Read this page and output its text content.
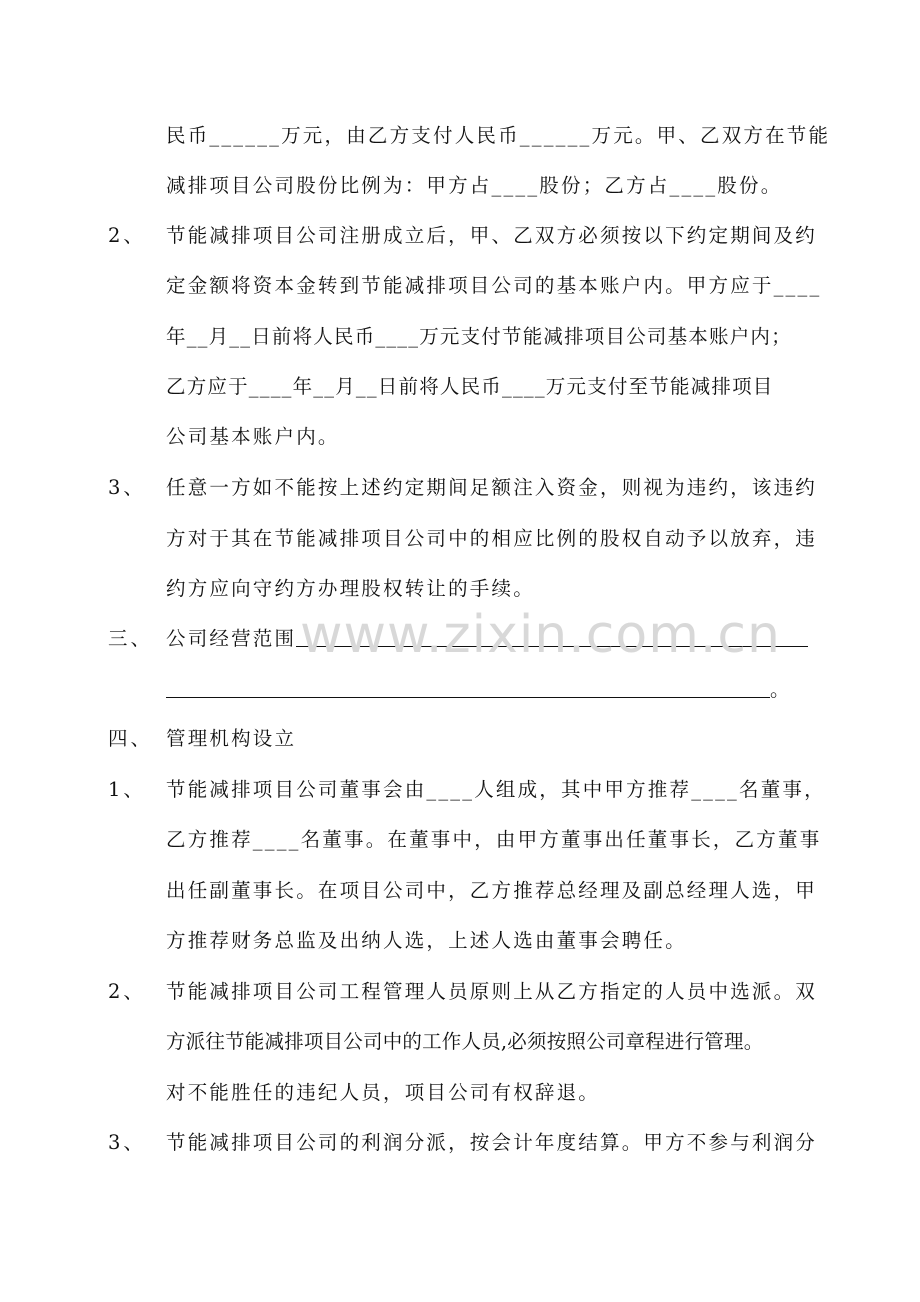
民币______万元，由乙方支付人民币______万元。甲、乙双方在节能
减排项目公司股份比例为：甲方占____股份；乙方占____股份。
2、	节能减排项目公司注册成立后，甲、乙双方必须按以下约定期间及约
定金额将资本金转到节能减排项目公司的基本账户内。甲方应于____
年__月__日前将人民币____万元支付节能减排项目公司基本账户内；
乙方应于____年__月__日前将人民币____万元支付至节能减排项目
公司基本账户内。
3、	任意一方如不能按上述约定期间足额注入资金，则视为违约，该违约
方对于其在节能减排项目公司中的相应比例的股权自动予以放弃，违
约方应向守约方办理股权转让的手续。
三、 公司经营范围
。
四、 管理机构设立
1、	节能减排项目公司董事会由____人组成，其中甲方推荐____名董事，
乙方推荐____名董事。在董事中，由甲方董事出任董事长，乙方董事
出任副董事长。在项目公司中，乙方推荐总经理及副总经理人选，甲
方推荐财务总监及出纳人选，上述人选由董事会聘任。
2、	节能减排项目公司工程管理人员原则上从乙方指定的人员中选派。双
方派往节能减排项目公司中的工作人员,必须按照公司章程进行管理。
对不能胜任的违纪人员，项目公司有权辞退。
3、	节能减排项目公司的利润分派，按会计年度结算。甲方不参与利润分
www.zixin.com.cn
